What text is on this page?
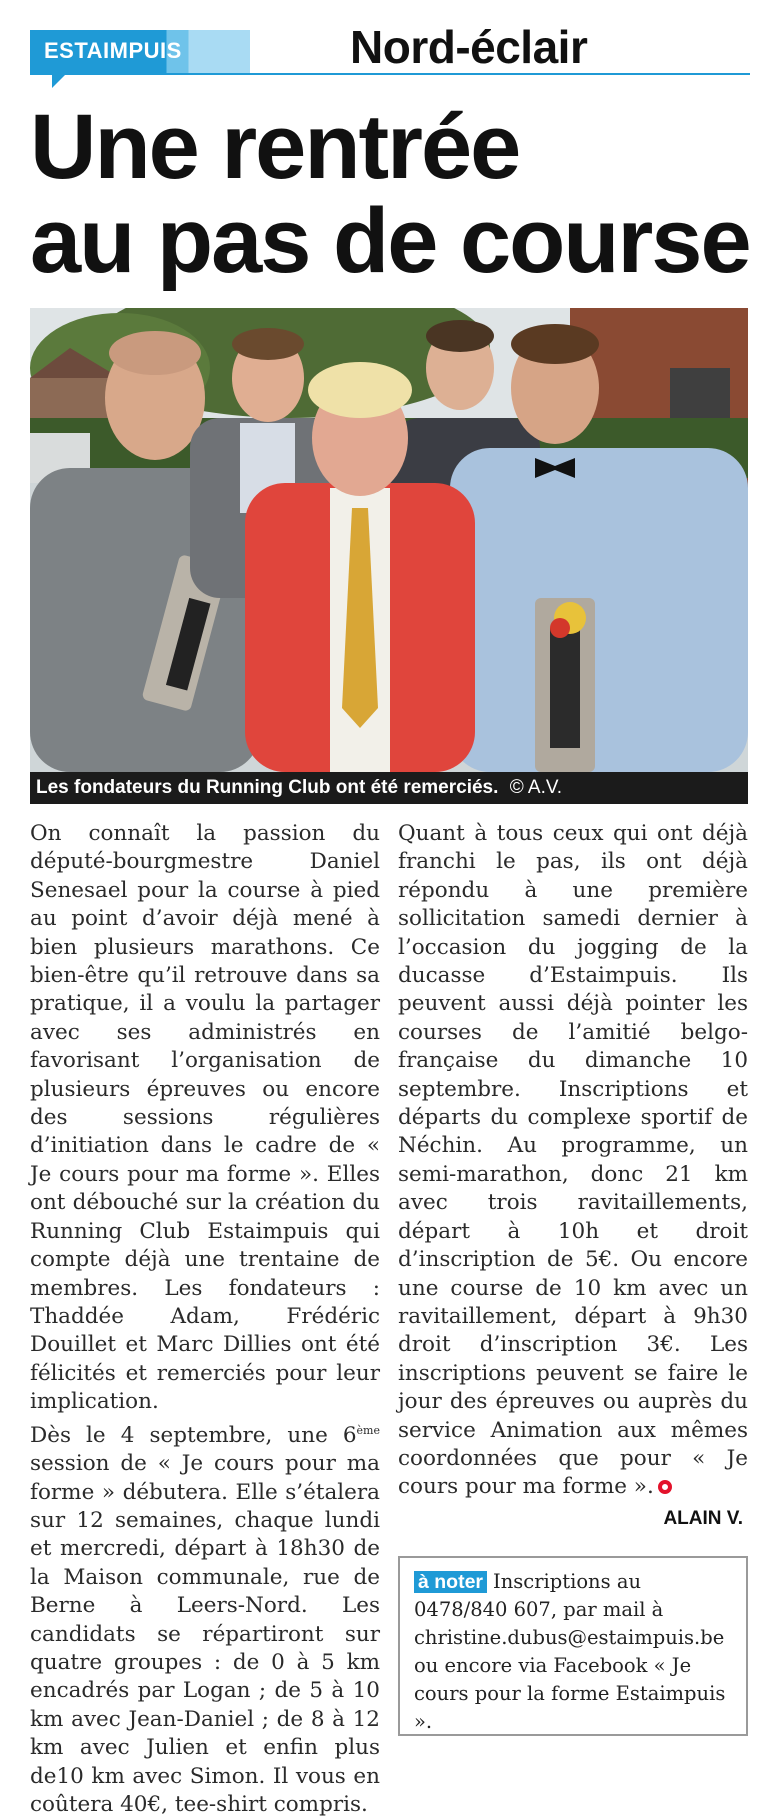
ESTAIMPUIS	Nord-éclair
Une rentrée
au pas de course
Les fondateurs du Running Club ont été remerciés. © A.V.

On connaît la passion du député-bourgmestre Daniel Senesael pour la course à pied au point d’avoir déjà mené à bien plusieurs marathons. Ce bien-être qu’il retrouve dans sa pratique, il a voulu la partager avec ses administrés en favorisant l’organisation de plusieurs épreuves ou encore des sessions régulières d’initiation dans le cadre de « Je cours pour ma forme ». Elles ont débouché sur la création du Running Club Estaimpuis qui compte déjà une trentaine de membres. Les fondateurs : Thaddée Adam, Frédéric Douillet et Marc Dillies ont été félicités et remerciés pour leur implication.

Dès le 4 septembre, une 6ème session de « Je cours pour ma forme » débutera. Elle s’étalera sur 12 semaines, chaque lundi et mercredi, départ à 18h30 de la Maison communale, rue de Berne à Leers-Nord. Les candidats se répartiront sur quatre groupes : de 0 à 5 km encadrés par Logan ; de 5 à 10 km avec Jean-Daniel ; de 8 à 12 km avec Julien et enfin plus de10 km avec Simon. Il vous en coûtera 40€, tee-shirt compris.

Quant à tous ceux qui ont déjà franchi le pas, ils ont déjà répondu à une première sollicitation samedi dernier à l’occasion du jogging de la ducasse d’Estaimpuis. Ils peuvent aussi déjà pointer les courses de l’amitié belgo-française du dimanche 10 septembre. Inscriptions et départs du complexe sportif de Néchin. Au programme, un semi-marathon, donc 21 km avec trois ravitaillements, départ à 10h et droit d’inscription de 5€. Ou encore une course de 10 km avec un ravitaillement, départ à 9h30 droit d’inscription 3€. Les inscriptions peuvent se faire le jour des épreuves ou auprès du service Animation aux mêmes coordonnées que pour « Je cours pour ma forme ».

ALAIN V.
à noter Inscriptions au 0478/840 607, par mail à christine.dubus@estaimpuis.be ou encore via Facebook « Je cours pour la forme Estaimpuis ».
